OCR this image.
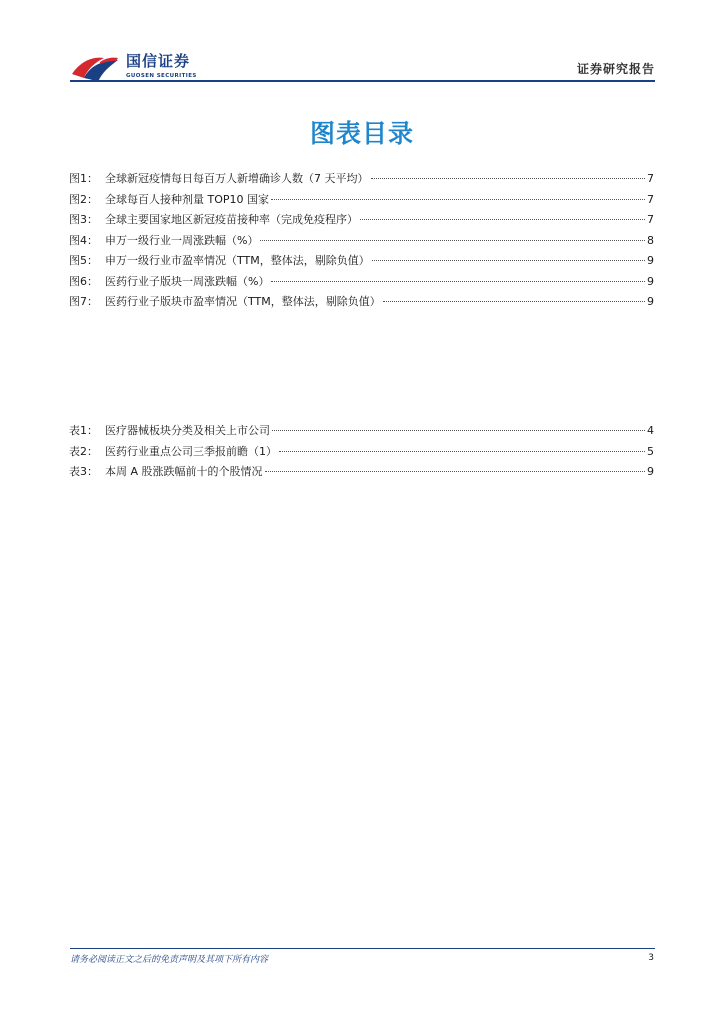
国信证券
GUOSEN SECURITIES	证券研究报告
图表目录
图1： 全球新冠疫情每日每百万人新增确诊人数（7 天平均）	7
图2： 全球每百人接种剂量 TOP10 国家	7
图3： 全球主要国家地区新冠疫苗接种率（完成免疫程序）	7
图4： 申万一级行业一周涨跌幅（%）	8
图5： 申万一级行业市盈率情况（TTM，整体法，剔除负值）	9
图6： 医药行业子版块一周涨跌幅（%）	9
图7： 医药行业子版块市盈率情况（TTM，整体法，剔除负值）	9
表1： 医疗器械板块分类及相关上市公司	4
表2： 医药行业重点公司三季报前瞻（1）	5
表3： 本周 A 股涨跌幅前十的个股情况	9
请务必阅读正文之后的免责声明及其项下所有内容	3
